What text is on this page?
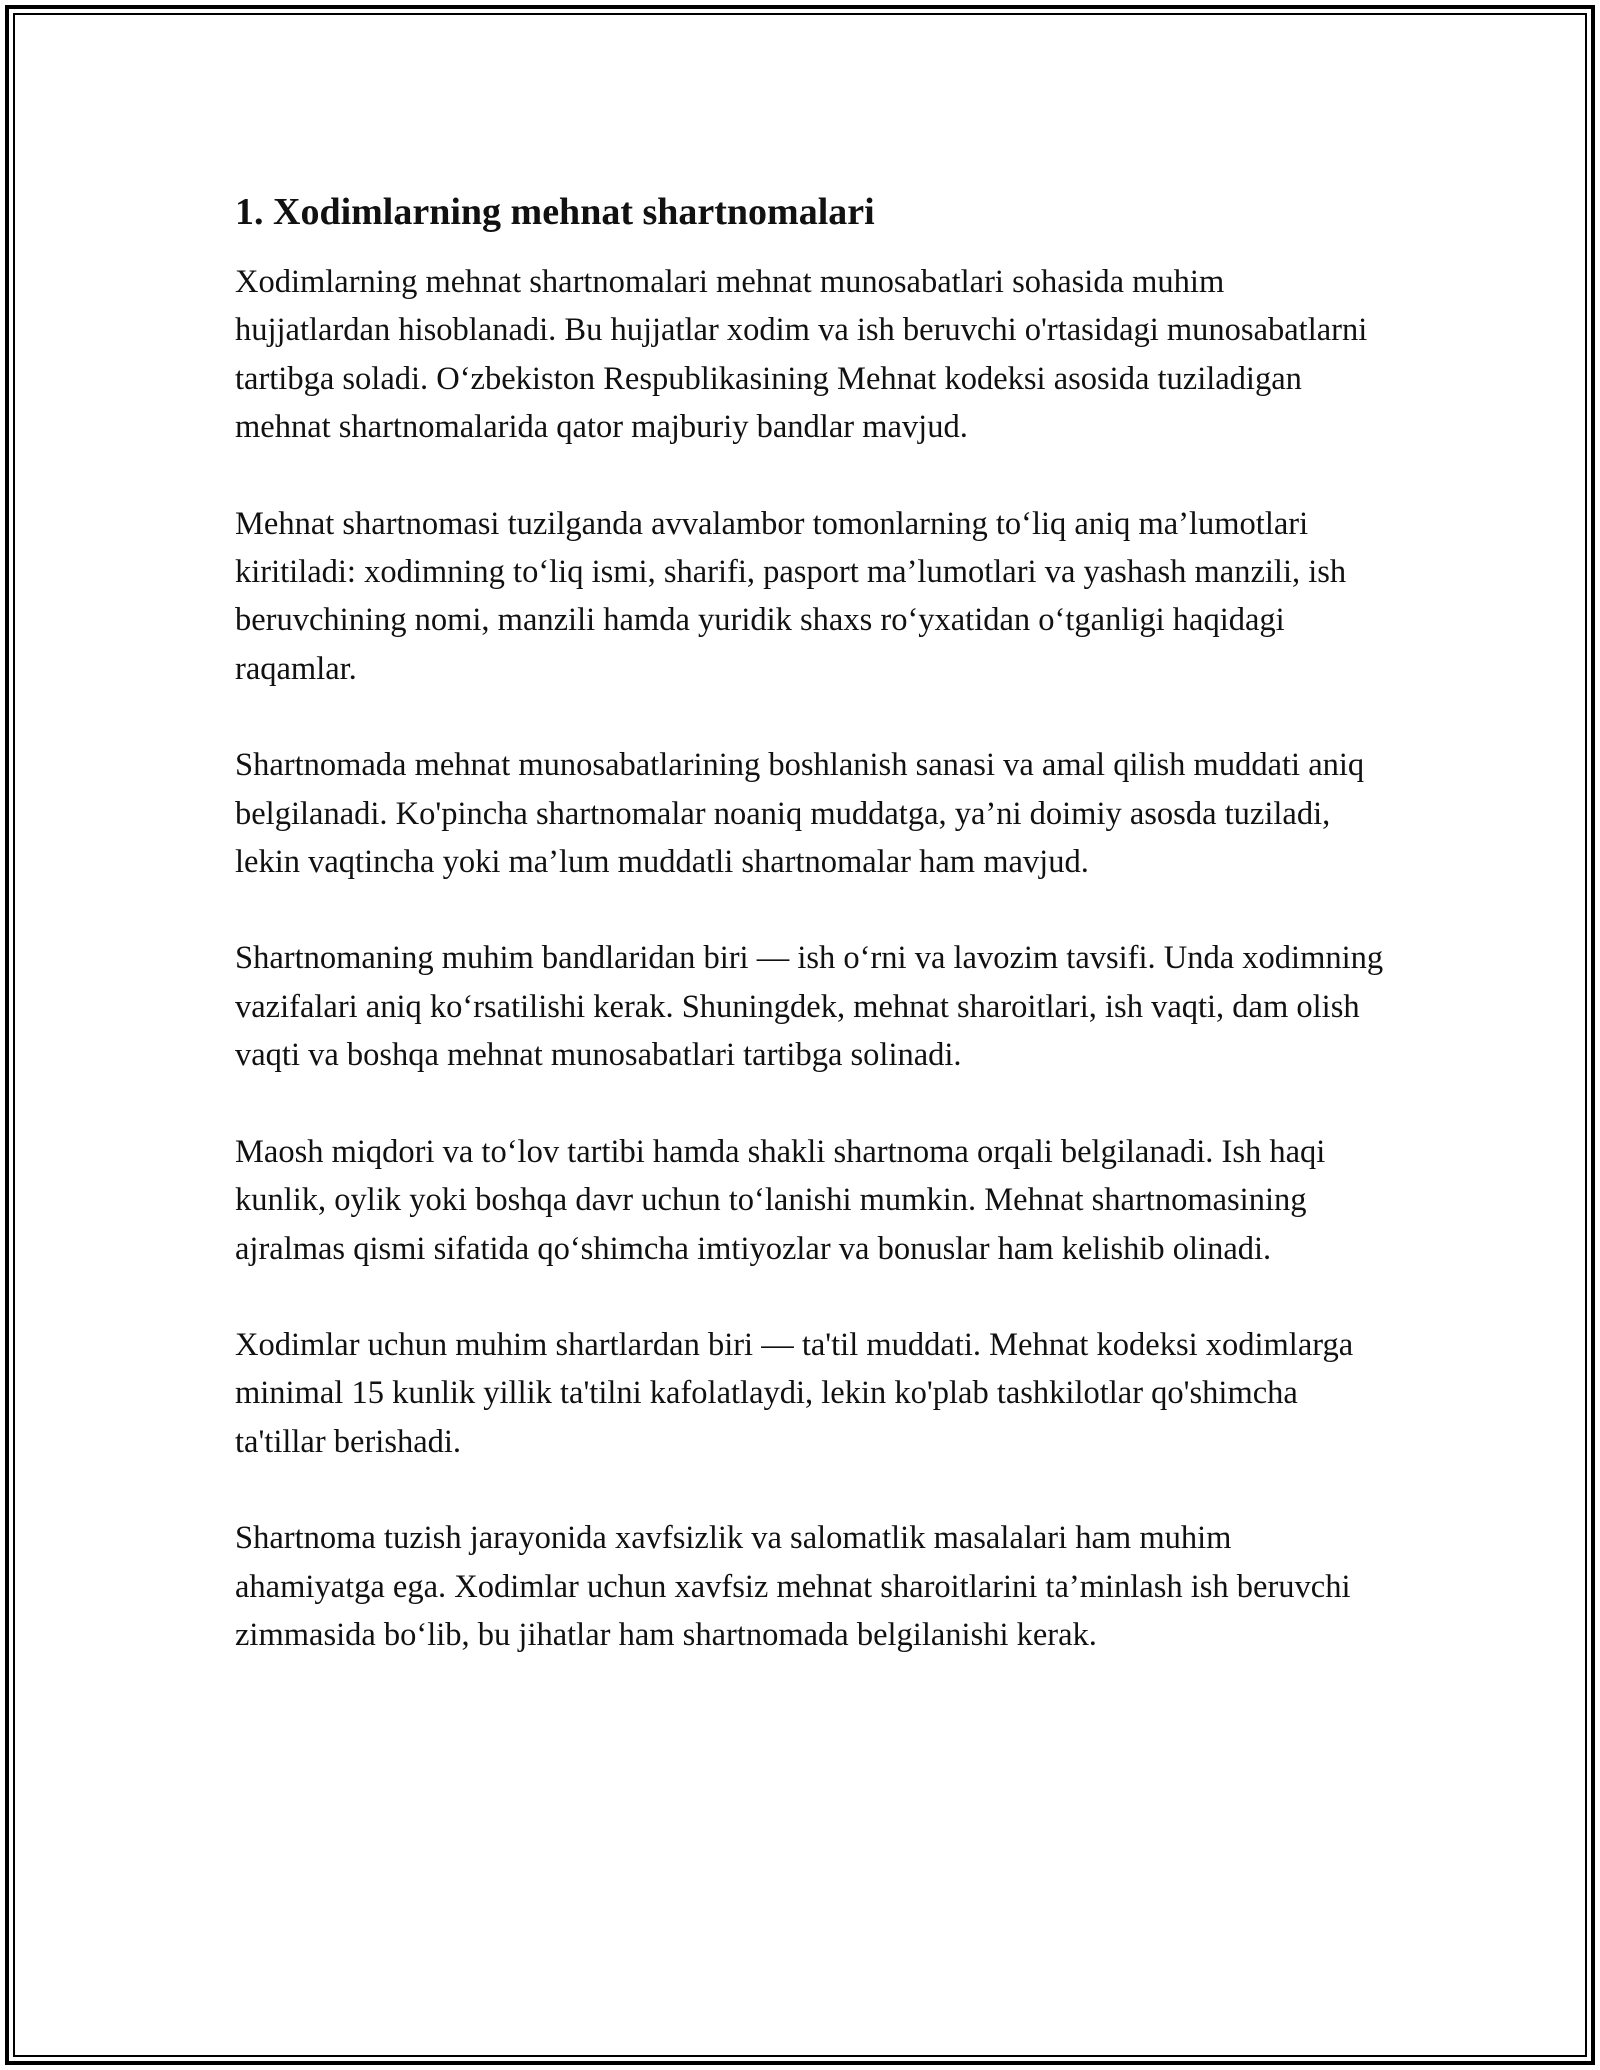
1. Xodimlarning mehnat shartnomalari

Xodimlarning mehnat shartnomalari mehnat munosabatlari sohasida muhim hujjatlardan hisoblanadi. Bu hujjatlar xodim va ish beruvchi o'rtasidagi munosabatlarni tartibga soladi. O‘zbekiston Respublikasining Mehnat kodeksi asosida tuziladigan mehnat shartnomalarida qator majburiy bandlar mavjud.

Mehnat shartnomasi tuzilganda avvalambor tomonlarning to‘liq aniq ma’lumotlari kiritiladi: xodimning to‘liq ismi, sharifi, pasport ma’lumotlari va yashash manzili, ish beruvchining nomi, manzili hamda yuridik shaxs ro‘yxatidan o‘tganligi haqidagi raqamlar.

Shartnomada mehnat munosabatlarining boshlanish sanasi va amal qilish muddati aniq belgilanadi. Ko'pincha shartnomalar noaniq muddatga, ya’ni doimiy asosda tuziladi, lekin vaqtincha yoki ma’lum muddatli shartnomalar ham mavjud.

Shartnomaning muhim bandlaridan biri — ish o‘rni va lavozim tavsifi. Unda xodimning vazifalari aniq ko‘rsatilishi kerak. Shuningdek, mehnat sharoitlari, ish vaqti, dam olish vaqti va boshqa mehnat munosabatlari tartibga solinadi.

Maosh miqdori va to‘lov tartibi hamda shakli shartnoma orqali belgilanadi. Ish haqi kunlik, oylik yoki boshqa davr uchun to‘lanishi mumkin. Mehnat shartnomasining ajralmas qismi sifatida qo‘shimcha imtiyozlar va bonuslar ham kelishib olinadi.

Xodimlar uchun muhim shartlardan biri — ta'til muddati. Mehnat kodeksi xodimlarga minimal 15 kunlik yillik ta'tilni kafolatlaydi, lekin ko'plab tashkilotlar qo'shimcha ta'tillar berishadi.

Shartnoma tuzish jarayonida xavfsizlik va salomatlik masalalari ham muhim ahamiyatga ega. Xodimlar uchun xavfsiz mehnat sharoitlarini ta’minlash ish beruvchi zimmasida bo‘lib, bu jihatlar ham shartnomada belgilanishi kerak.
